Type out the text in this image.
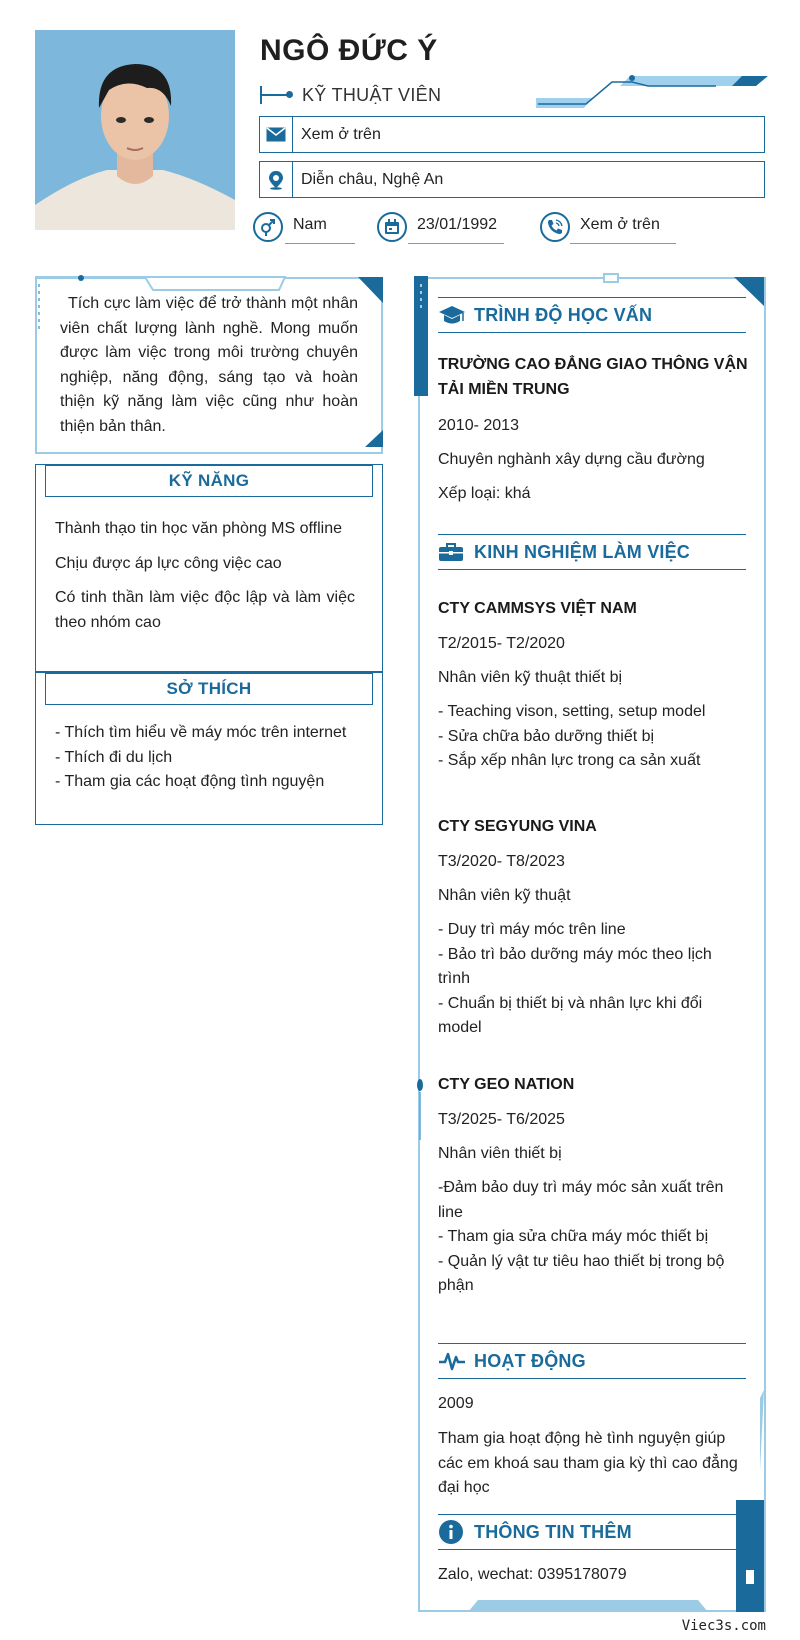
NGÔ ĐỨC Ý
KỸ THUẬT VIÊN
Xem ở trên
Diễn châu, Nghệ An
Nam	23/01/1992	Xem ở trên
Tích cực làm việc để trở thành một nhân viên chất lượng lành nghề. Mong muốn được làm việc trong môi trường chuyên nghiệp, năng động, sáng tạo và hoàn thiện kỹ năng làm việc cũng như hoàn thiện bản thân.
KỸ NĂNG
Thành thạo tin học văn phòng MS offline
Chịu được áp lực công việc cao
Có tinh thần làm việc độc lập và làm việc theo nhóm cao
SỞ THÍCH
- Thích tìm hiểu về máy móc trên internet
- Thích đi du lịch
- Tham gia các hoạt động tình nguyện
TRÌNH ĐỘ HỌC VẤN
TRƯỜNG CAO ĐẲNG GIAO THÔNG VẬN TẢI MIỀN TRUNG
2010- 2013
Chuyên nghành xây dựng cầu đường
Xếp loại: khá
KINH NGHIỆM LÀM VIỆC
CTY CAMMSYS VIỆT NAM
T2/2015- T2/2020
Nhân viên kỹ thuật thiết bị
- Teaching vison, setting, setup model
- Sửa chữa bảo dưỡng thiết bị
- Sắp xếp nhân lực trong ca sản xuất
CTY SEGYUNG VINA
T3/2020- T8/2023
Nhân viên kỹ thuật
- Duy trì máy móc trên line
- Bảo trì bảo dưỡng máy móc theo lịch trình
- Chuẩn bị thiết bị và nhân lực khi đổi model
CTY GEO NATION
T3/2025- T6/2025
Nhân viên thiết bị
-Đảm bảo duy trì máy móc sản xuất trên line
- Tham gia sửa chữa máy móc thiết bị
- Quản lý vật tư tiêu hao thiết bị trong bộ phận
HOẠT ĐỘNG
2009
Tham gia hoạt động hè tình nguyện giúp các em khoá sau tham gia kỳ thì cao đẳng đại học
THÔNG TIN THÊM
Zalo, wechat: 0395178079
Viec3s.com
